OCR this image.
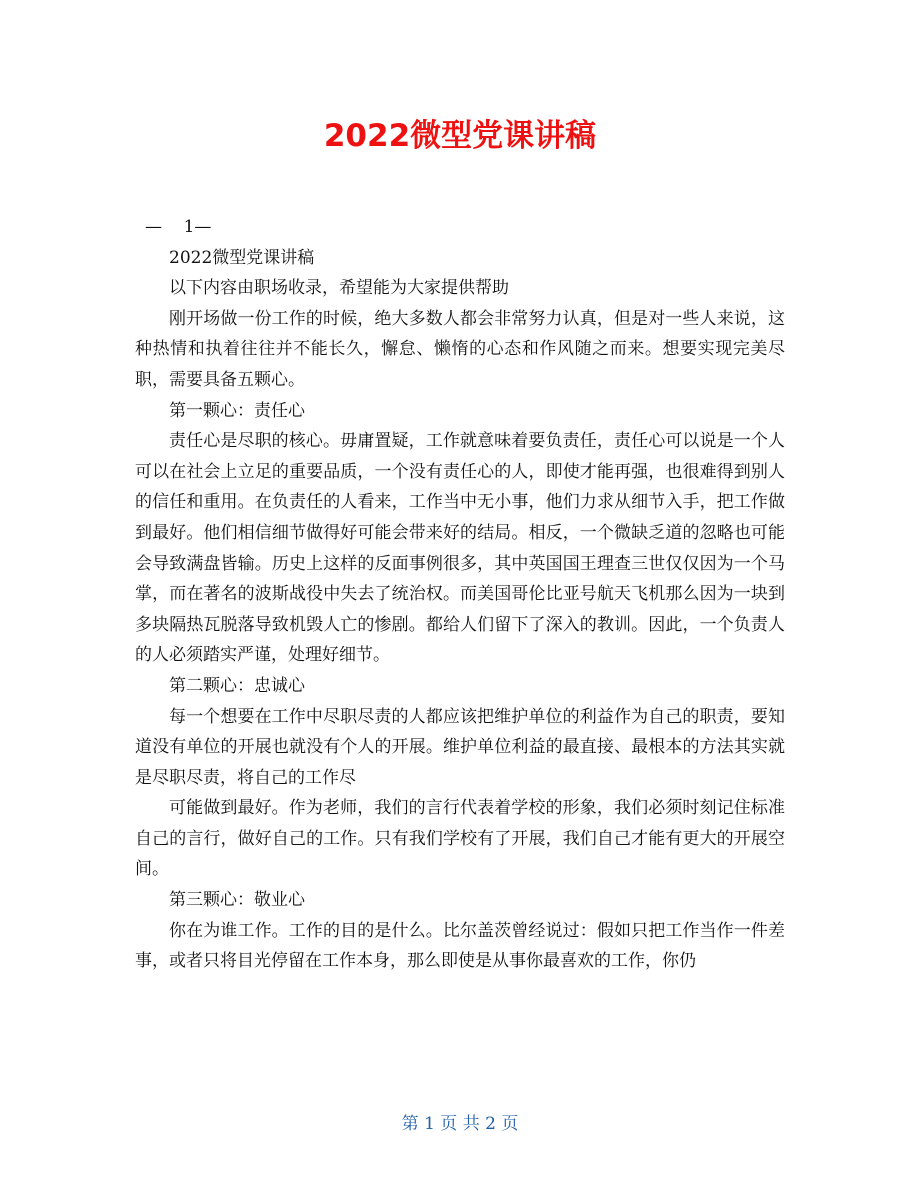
2022微型党课讲稿

—    1—

2022微型党课讲稿

以下内容由职场收录，希望能为大家提供帮助

刚开场做一份工作的时候，绝大多数人都会非常努力认真，但是对一些人来说，这种热情和执着往往并不能长久，懈怠、懒惰的心态和作风随之而来。想要实现完美尽职，需要具备五颗心。

第一颗心：责任心

责任心是尽职的核心。毋庸置疑，工作就意味着要负责任，责任心可以说是一个人可以在社会上立足的重要品质，一个没有责任心的人，即使才能再强，也很难得到别人的信任和重用。在负责任的人看来，工作当中无小事，他们力求从细节入手，把工作做到最好。他们相信细节做得好可能会带来好的结局。相反，一个微缺乏道的忽略也可能会导致满盘皆输。历史上这样的反面事例很多，其中英国国王理查三世仅仅因为一个马掌，而在著名的波斯战役中失去了统治权。而美国哥伦比亚号航天飞机那么因为一块到多块隔热瓦脱落导致机毁人亡的惨剧。都给人们留下了深入的教训。因此，一个负责人的人必须踏实严谨，处理好细节。

第二颗心：忠诚心

每一个想要在工作中尽职尽责的人都应该把维护单位的利益作为自己的职责，要知道没有单位的开展也就没有个人的开展。维护单位利益的最直接、最根本的方法其实就是尽职尽责，将自己的工作尽

可能做到最好。作为老师，我们的言行代表着学校的形象，我们必须时刻记住标准自己的言行，做好自己的工作。只有我们学校有了开展，我们自己才能有更大的开展空间。

第三颗心：敬业心

你在为谁工作。工作的目的是什么。比尔盖茨曾经说过：假如只把工作当作一件差事，或者只将目光停留在工作本身，那么即使是从事你最喜欢的工作，你仍

第 1 页 共 2 页
